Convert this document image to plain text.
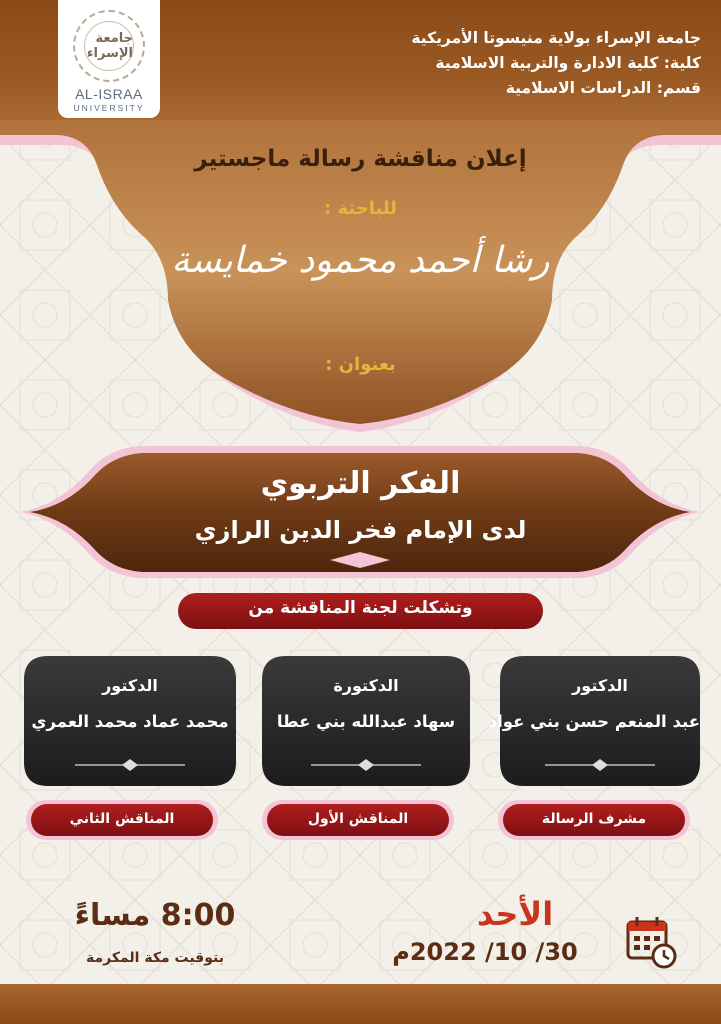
جامعة الإسراء بولاية منيسوتا الأمريكية
كلية: كلية الادارة والتربية الاسلامية
قسم: الدراسات الاسلامية
جامعة الإسراء
AL-ISRAA
UNIVERSITY
إعلان مناقشة رسالة ماجستير
للباحثة :
رشا أحمد محمود خمايسة
بعنوان :
الفكر التربوي
لدى الإمام فخر الدين الرازي
وتشكلت لجنة المناقشة من
الدكتور
عبد المنعم حسن بني عواد
الدكتورة
سهاد عبدالله بني عطا
الدكتور
محمد عماد محمد العمري
مشرف الرسالة
المناقش الأول
المناقش الثاني
الأحد
30/ 10/ 2022م
8:00 مساءً
بتوقيت مكة المكرمة
